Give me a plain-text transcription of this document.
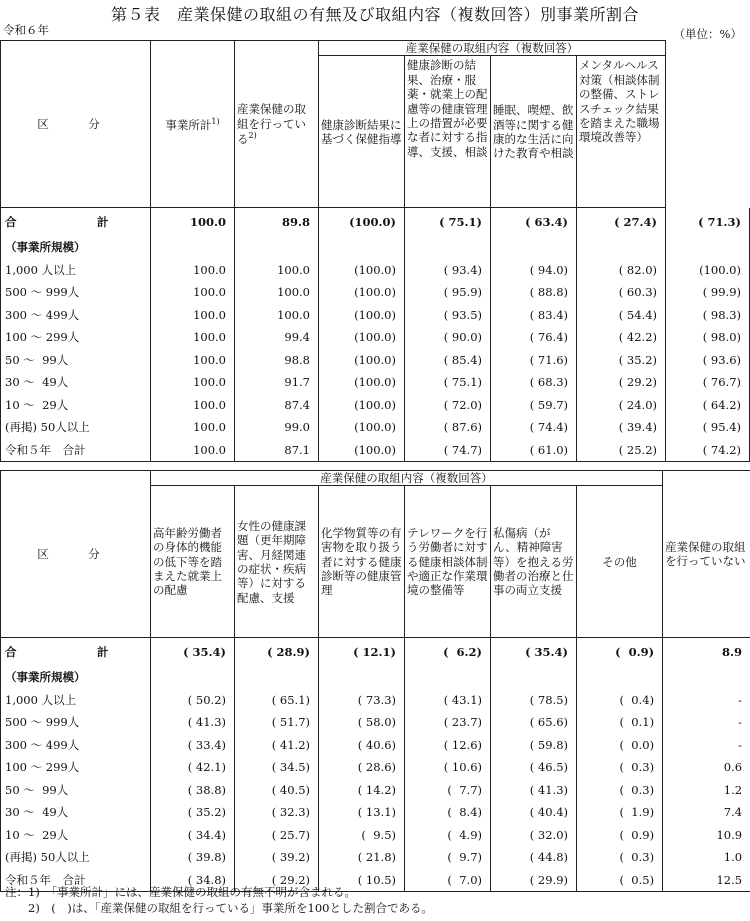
第５表　産業保健の取組の有無及び取組内容（複数回答）別事業所割合
令和６年	（単位：%）
区　分	事業所計$^{1)}$	産業保健の取組を行っている$^{2)}$	産業保健の取組内容（複数回答）				
			健康診断結果に基づく保健指導	健康診断の結果、治療・服薬・就業上の配慮等の健康管理上の措置が必要な者に対する指導、支援、相談	睡眠、喫煙、飲酒等に関する健康的な生活に向けた教育や相談	メンタルヘルス対策（相談体制の整備、ストレスチェック結果を踏まえた職場環境改善等）	
合　　　　　　　計	100.0	89.8	(100.0)	( 75.1)	( 63.4)	( 27.4)	( 71.3)
（事業所規模）							
1,000 人以上	100.0	100.0	(100.0)	( 93.4)	( 94.0)	( 82.0)	(100.0)
500 ～ 999人	100.0	100.0	(100.0)	( 95.9)	( 88.8)	( 60.3)	( 99.9)
300 ～ 499人	100.0	100.0	(100.0)	( 93.5)	( 83.4)	( 54.4)	( 98.3)
100 ～ 299人	100.0	99.4	(100.0)	( 90.0)	( 76.4)	( 42.2)	( 98.0)
50 ～  99人	100.0	98.8	(100.0)	( 85.4)	( 71.6)	( 35.2)	( 93.6)
30 ～  49人	100.0	91.7	(100.0)	( 75.1)	( 68.3)	( 29.2)	( 76.7)
10 ～  29人	100.0	87.4	(100.0)	( 72.0)	( 59.7)	( 24.0)	( 64.2)
(再掲) 50人以上	100.0	99.0	(100.0)	( 87.6)	( 74.4)	( 39.4)	( 95.4)
令和５年　合計	100.0	87.1	(100.0)	( 74.7)	( 61.0)	( 25.2)	( 74.2)
区　分	産業保健の取組内容（複数回答）						産業保健の取組を行っていない
	高年齢労働者の身体的機能の低下等を踏まえた就業上の配慮	女性の健康課題（更年期障害、月経関連の症状・疾病等）に対する配慮、支援	化学物質等の有害物を取り扱う者に対する健康診断等の健康管理	テレワークを行う労働者に対する健康相談体制や適正な作業環境の整備等	私傷病（がん、精神障害等）を抱える労働者の治療と仕事の両立支援	その他	
合　　　　　　　計	( 35.4)	( 28.9)	( 12.1)	(  6.2)	( 35.4)	(  0.9)	8.9
（事業所規模）							
1,000 人以上	( 50.2)	( 65.1)	( 73.3)	( 43.1)	( 78.5)	(  0.4)	-
500 ～ 999人	( 41.3)	( 51.7)	( 58.0)	( 23.7)	( 65.6)	(  0.1)	-
300 ～ 499人	( 33.4)	( 41.2)	( 40.6)	( 12.6)	( 59.8)	(  0.0)	-
100 ～ 299人	( 42.1)	( 34.5)	( 28.6)	( 10.6)	( 46.5)	(  0.3)	0.6
50 ～  99人	( 38.8)	( 40.5)	( 14.2)	(  7.7)	( 41.3)	(  0.3)	1.2
30 ～  49人	( 35.2)	( 32.3)	( 13.1)	(  8.4)	( 40.4)	(  1.9)	7.4
10 ～  29人	( 34.4)	( 25.7)	(  9.5)	(  4.9)	( 32.0)	(  0.9)	10.9
(再掲) 50人以上	( 39.8)	( 39.2)	( 21.8)	(  9.7)	( 44.8)	(  0.3)	1.0
令和５年　合計	( 34.8)	( 29.2)	( 10.5)	(  7.0)	( 29.9)	(  0.5)	12.5
注：1)　「事業所計」には、産業保健の取組の有無不明が含まれる。
　　2)　(　)は、「産業保健の取組を行っている」事業所を100とした割合である。
